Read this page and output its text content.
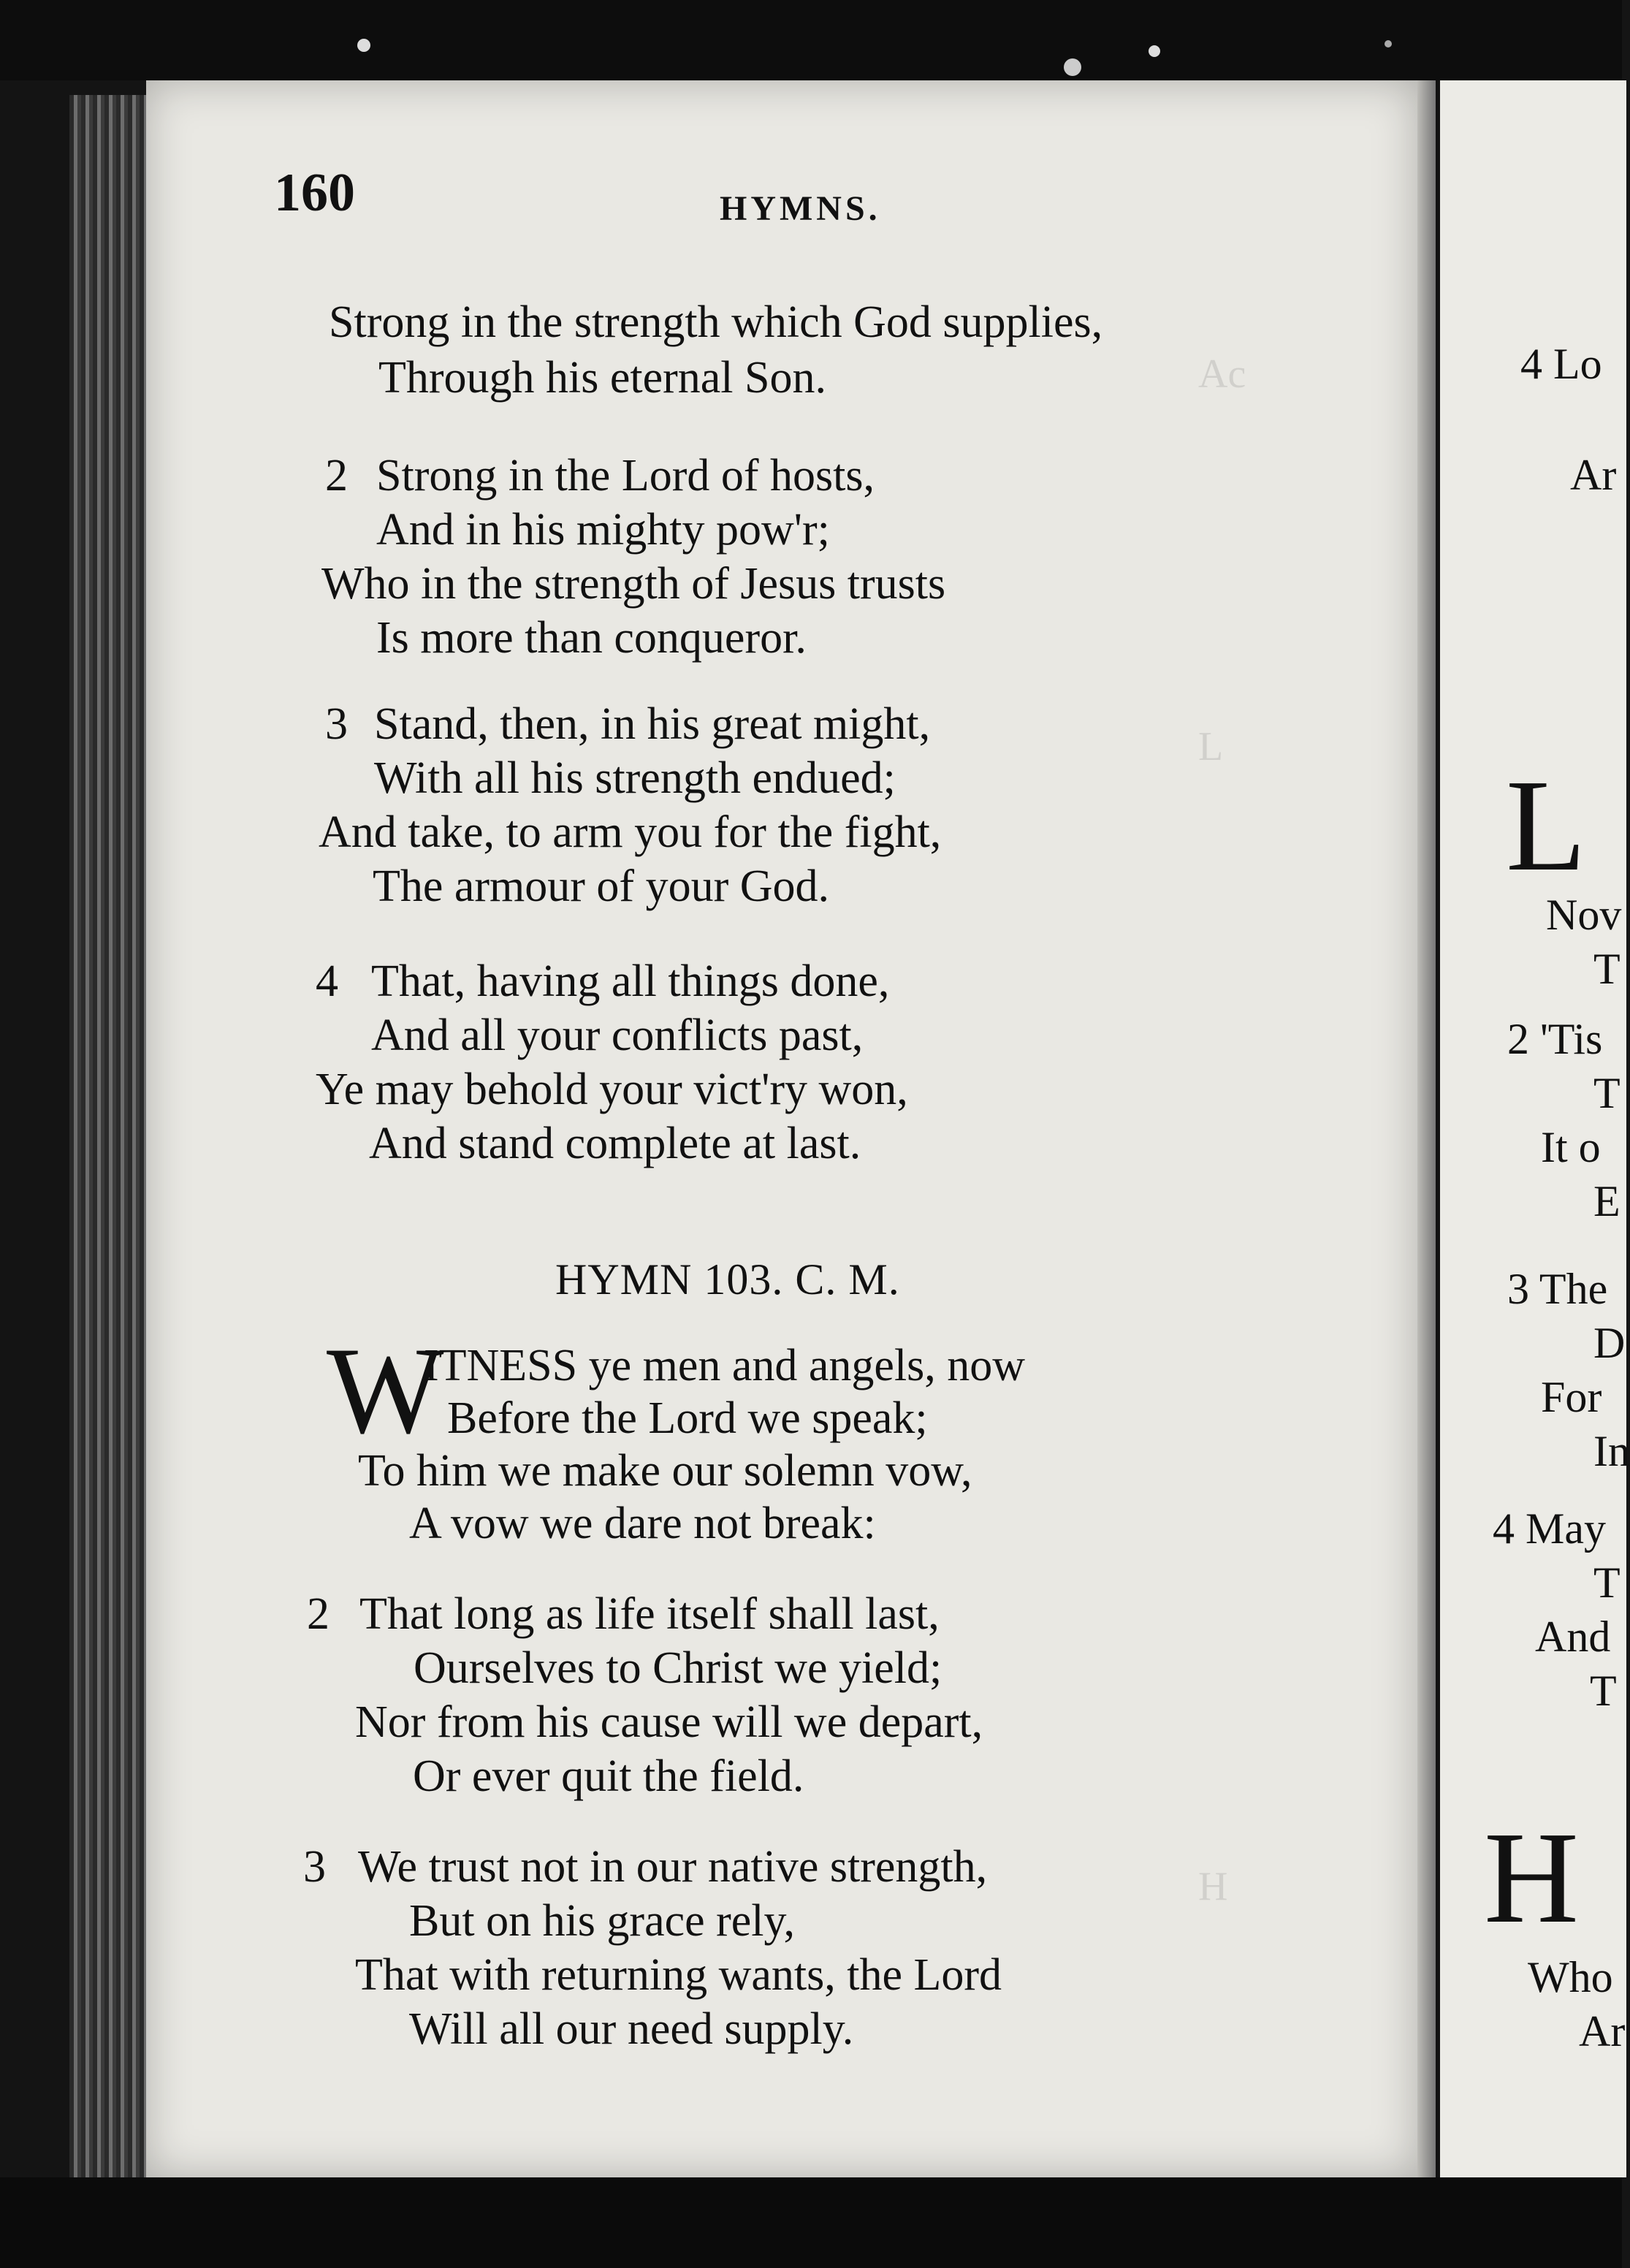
Ac
L
H
160	HYMNS.
Strong in the strength which God supplies,
Through his eternal Son.
2 Strong in the Lord of hosts,
And in his mighty pow'r;
Who in the strength of Jesus trusts
Is more than conqueror.
3 Stand, then, in his great might,
With all his strength endued;
And take, to arm you for the fight,
The armour of your God.
4 That, having all things done,
And all your conflicts past,
Ye may behold your vict'ry won,
And stand complete at last.
HYMN 103. C. M.
W
ITNESS ye men and angels, now
Before the Lord we speak;
To him we make our solemn vow,
A vow we dare not break:
2 That long as life itself shall last,
Ourselves to Christ we yield;
Nor from his cause will we depart,
Or ever quit the field.
3 We trust not in our native strength,
But on his grace rely,
That with returning wants, the Lord
Will all our need supply.
4 Lo
Ar
L
Nov
T
2 'Tis
T
It o
E
3 The
D
For
In
4 May
T
And
T
H
Who
Ar
